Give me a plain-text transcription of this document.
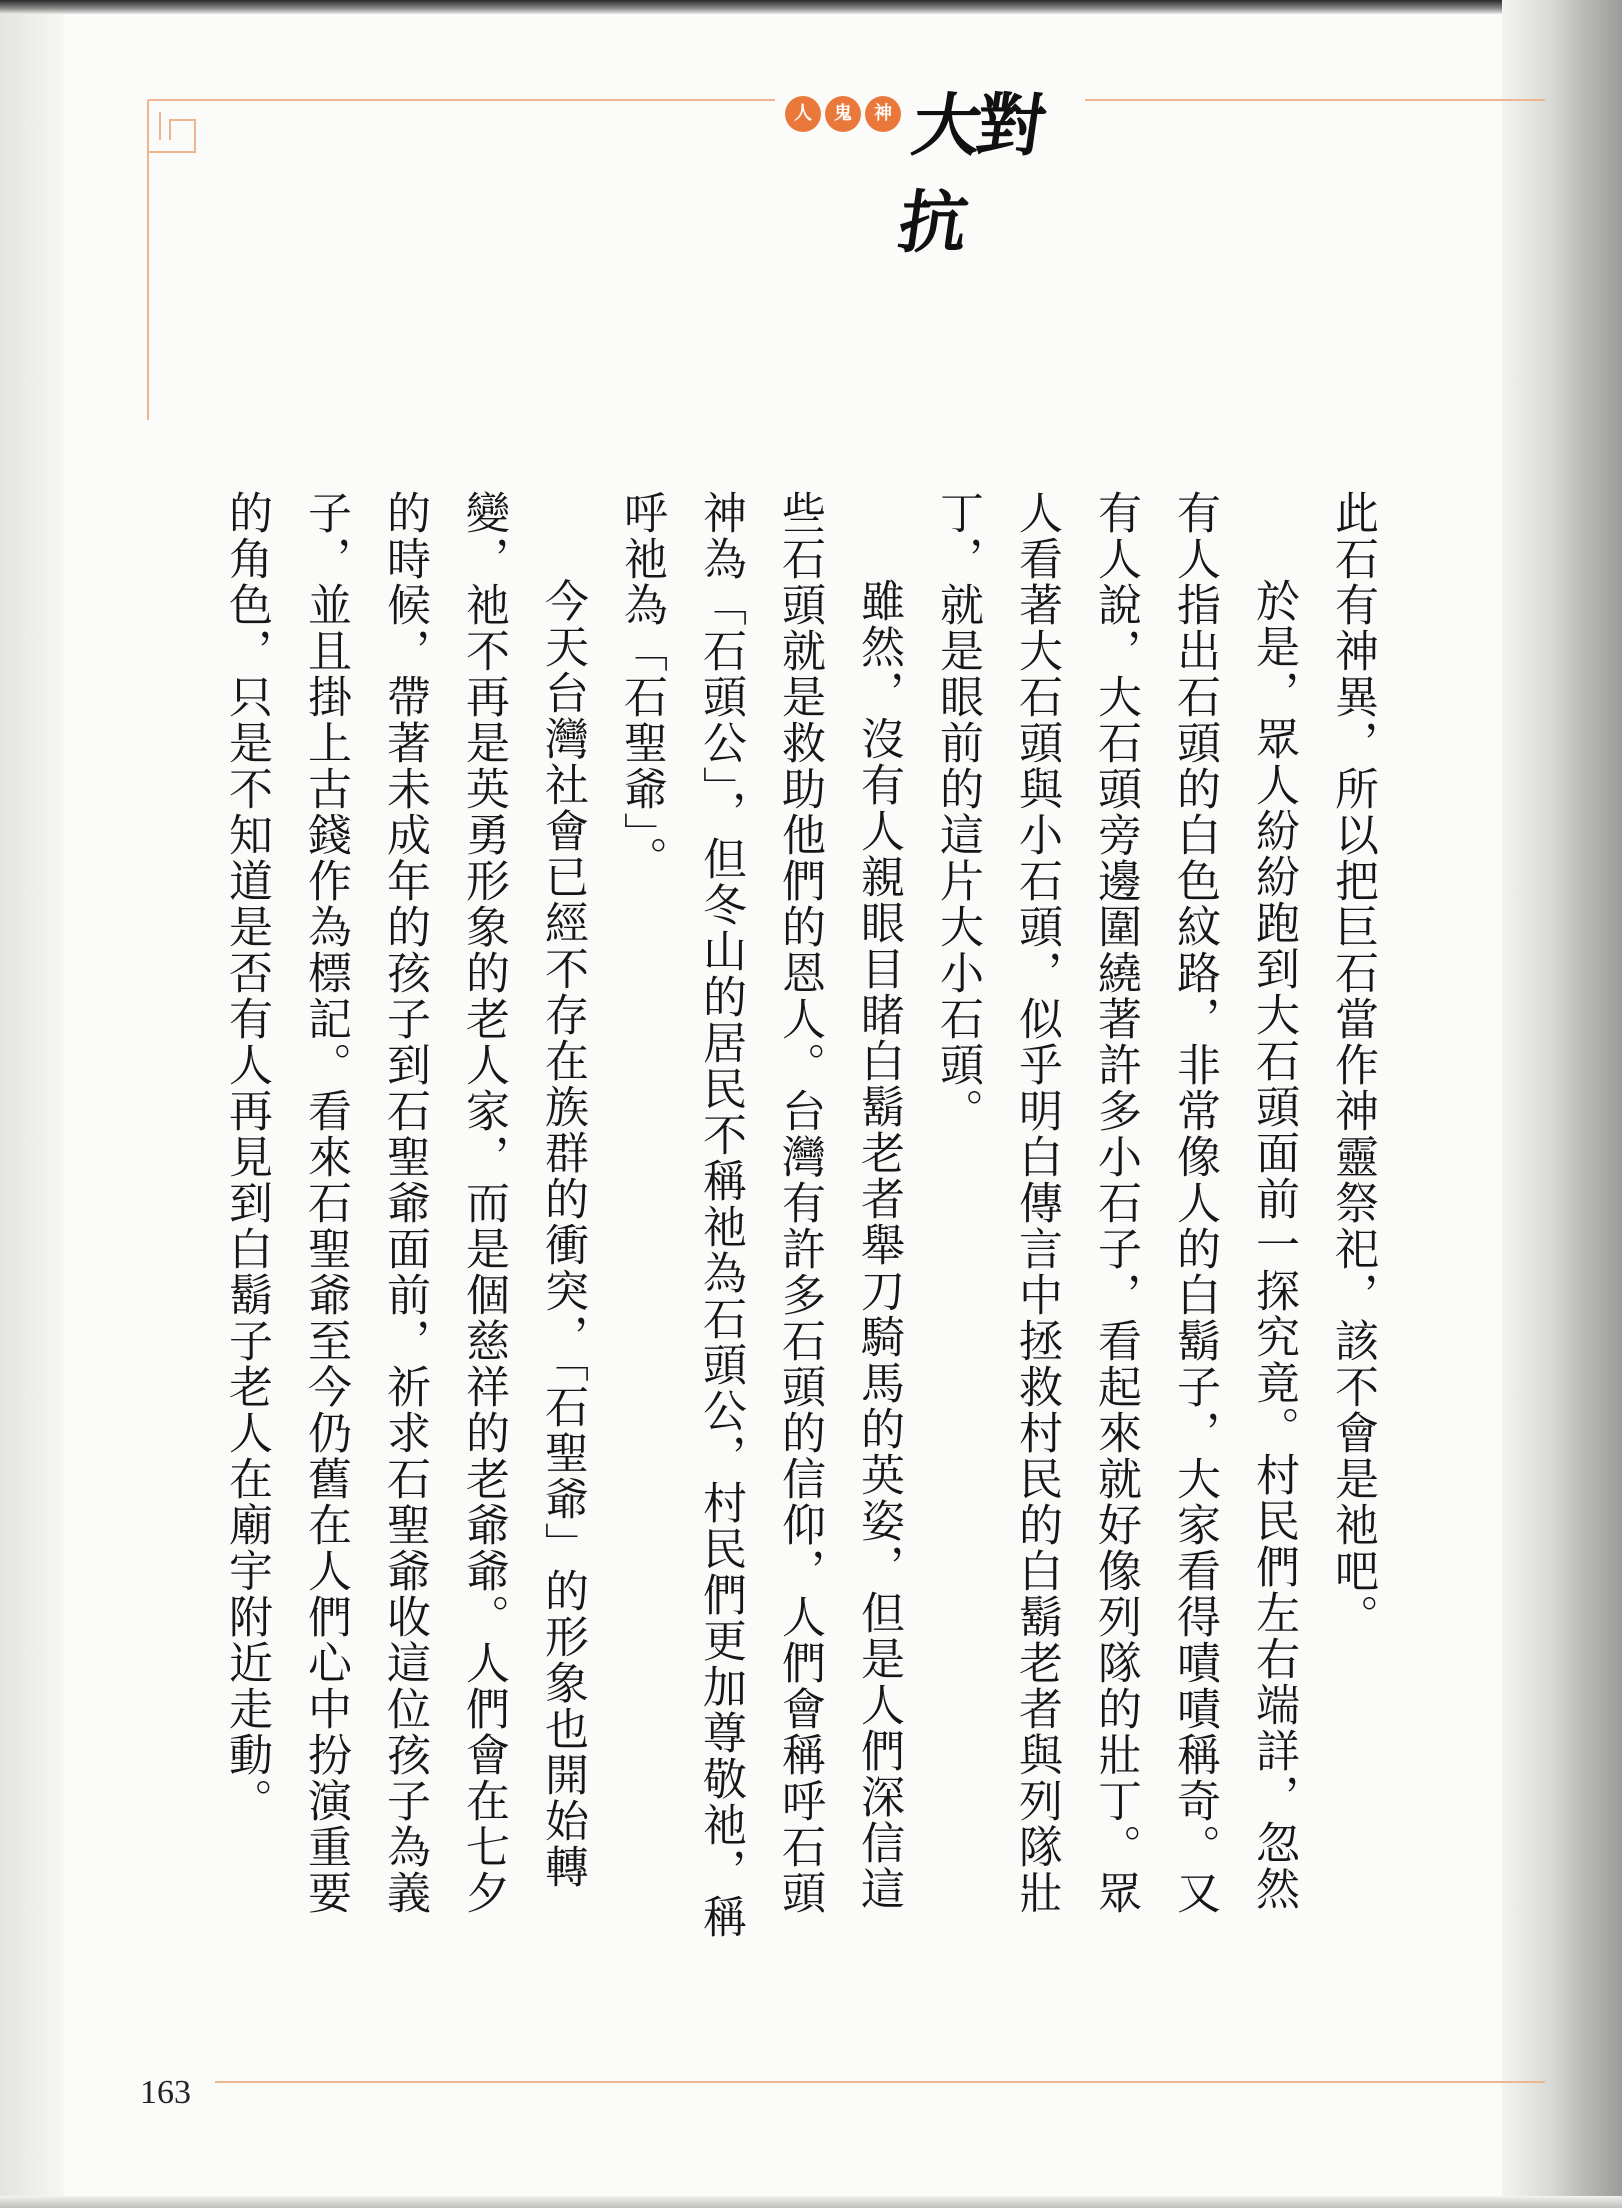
人	鬼	神 大對抗

此石有神異，所以把巨石當作神靈祭祀，該不會是祂吧。

於是，眾人紛紛跑到大石頭面前一探究竟。村民們左右端詳，忽然有人指出石頭的白色紋路，非常像人的白鬍子，大家看得嘖嘖稱奇。又有人說，大石頭旁邊圍繞著許多小石子，看起來就好像列隊的壯丁。眾人看著大石頭與小石頭，似乎明白傳言中拯救村民的白鬍老者與列隊壯丁，就是眼前的這片大小石頭。

雖然，沒有人親眼目睹白鬍老者舉刀騎馬的英姿，但是人們深信這些石頭就是救助他們的恩人。台灣有許多石頭的信仰，人們會稱呼石頭神為「石頭公」，但冬山的居民不稱祂為石頭公，村民們更加尊敬祂，稱呼祂為「石聖爺」。

今天台灣社會已經不存在族群的衝突，「石聖爺」的形象也開始轉變，祂不再是英勇形象的老人家，而是個慈祥的老爺爺。人們會在七夕的時候，帶著未成年的孩子到石聖爺面前，祈求石聖爺收這位孩子為義子，並且掛上古錢作為標記。看來石聖爺至今仍舊在人們心中扮演重要的角色，只是不知道是否有人再見到白鬍子老人在廟宇附近走動。

163
